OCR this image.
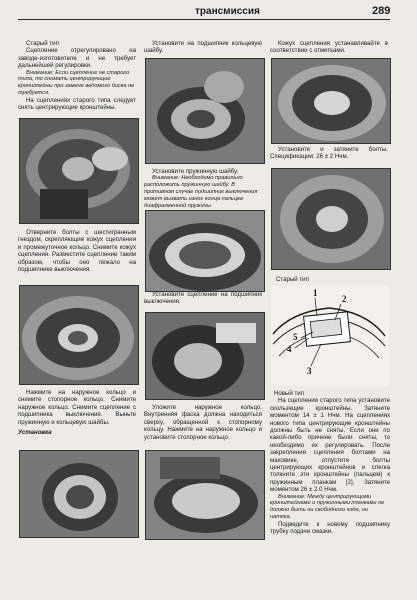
трансмиссия	289

Старый тип

Сцепление отрегулировано на заводе-изготовителе и не требует дальнейшей регулировки.

Внимание: Если сцепление не старого типа, то снимать центрирующие кронштейны при замене ведомого диска не требуется.

На сцеплениях старого типа следует снять центрирующие кронштейны.

Отверните болты с шестигранным гнездом, скрепляющие кожух сцепления и промежуточное кольцо. Снимите кожух сцепления. Разместите сцепление таким образом, чтобы оно лежало на подшипнике выключения.

Нажмите на наружное кольцо и снимите стопорное кольцо. Снимите наружное кольцо. Снимите сцепление с подшипника выключения. Выньте пружинную и кольцевую шайбы.

Установка

Установите на подшипник кольцевую шайбу.

Установите пружинную шайбу.

Внимание: Необходимо правильно расположить пружинную шайбу. В противном случае подшипник выключения может вызвать износ конца пальцев диафрагменной пружины.

Установите сцепление на подшипник выключения.

Уложите наружное кольцо. Внутренняя фаска должна находиться сверху, обращенной к стопорному кольцу. Нажмите на наружное кольцо и установите стопорное кольцо.

Кожух сцепления устанавливайте в соответствии с отметками.

Установите и затяните болты. Спецификации: 26 ± 2 Нчм.

Старый тип

1
2
3
4
5

Новый тип

На сцеплении старого типа установите скользящие кронштейны. Затяните моментом 14 ± 1 Нчм. На сцеплениях нового типа центрирующие кронштейны должны быть не сняты. Если они по какой-либо причине были сняты, то необходимо их регулировать. После закрепления сцепления болтами на маховике, отпустите болты центрирующих кронштейнов и слегка толкните эти кронштейны (пальцем) к пружинным планкам [2]. Затяните моментом 26 ± 2.0 Нчм.

Внимание: Между центрирующими кронштейнами и пружинными планками не должно быть ни свободного хода, ни натяга.

Подведите к новому подшипнику трубку подачи смазки.
